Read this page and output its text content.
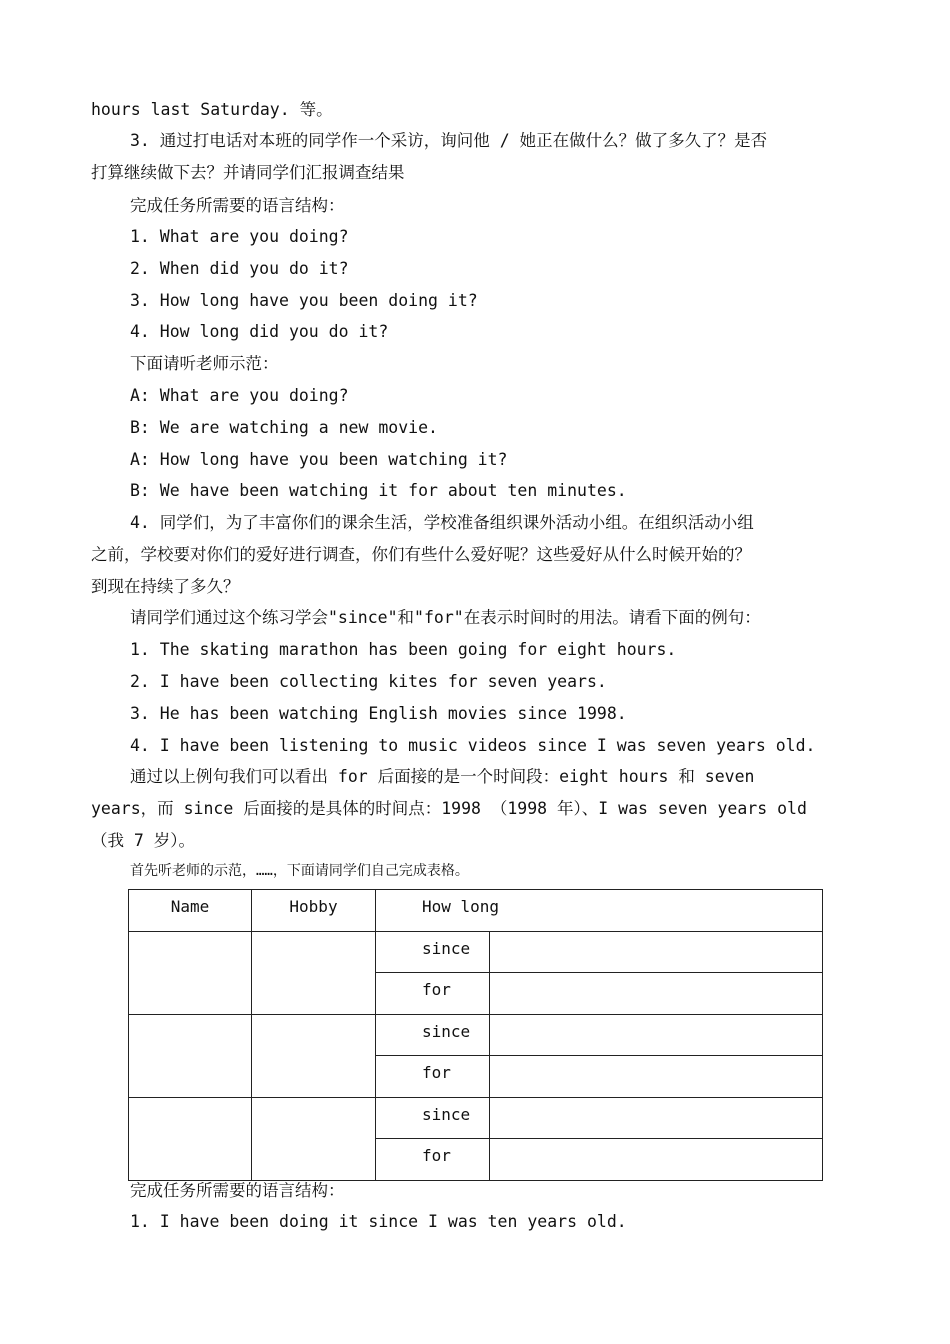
hours last Saturday. 等。
3. 通过打电话对本班的同学作一个采访，询问他 / 她正在做什么？做了多久了？是否
打算继续做下去？并请同学们汇报调查结果
完成任务所需要的语言结构：
1. What are you doing?
2. When did you do it?
3. How long have you been doing it?
4. How long did you do it?
下面请听老师示范：
A: What are you doing?
B: We are watching a new movie.
A: How long have you been watching it?
B: We have been watching it for about ten minutes.
4. 同学们，为了丰富你们的课余生活，学校准备组织课外活动小组。在组织活动小组
之前，学校要对你们的爱好进行调查，你们有些什么爱好呢？这些爱好从什么时候开始的？
到现在持续了多久？
请同学们通过这个练习学会"since"和"for"在表示时间时的用法。请看下面的例句：
1. The skating marathon has been going for eight hours.
2. I have been collecting kites for seven years.
3. He has been watching English movies since 1998.
4. I have been listening to music videos since I was seven years old.
通过以上例句我们可以看出 for 后面接的是一个时间段：eight hours 和 seven
years，而 since 后面接的是具体的时间点：1998 （1998 年）、I was seven years old
（我 7 岁）。
首先听老师的示范，……，下面请同学们自己完成表格。
Name	Hobby	How long	

		since	

		for	

		since	

		for	

		since	

		for	

完成任务所需要的语言结构：
1. I have been doing it since I was ten years old.
